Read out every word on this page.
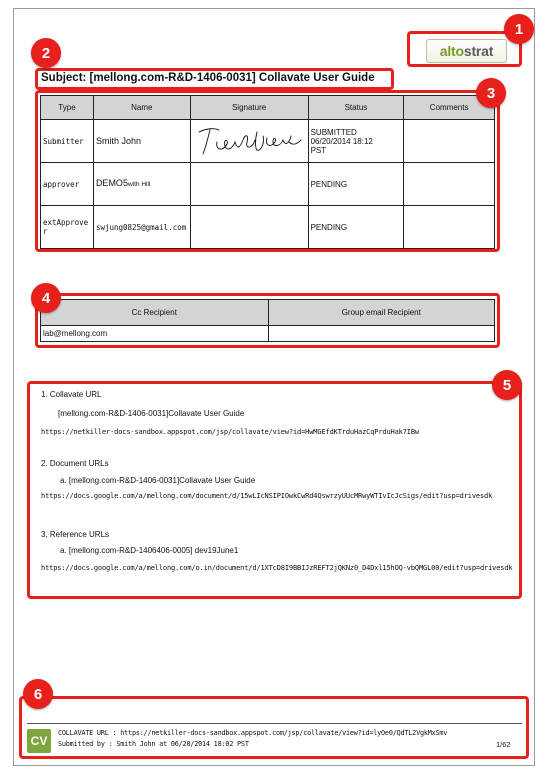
alto strat
Subject: [mellong.com-R&D-1406-0031] Collavate User Guide
Type	Name	Signature	Status	Comments
Submitter	Smith John		SUBMITTED
06/20/2014 18:12
PST	
approver	DEMO5with Hill		PENDING	
extApprover	swjung0825@gmail.com		PENDING	
Cc Recipient	Group email Recipient
lab@mellong.com	
1. Collavate URL
[mellong.com-R&D-1406-0031]Collavate User Guide
https://netkiller-docs-sandbox.appspot.com/jsp/collavate/view?id=HwMGEfdKTrduHazCqPrduHak7IBw
2. Document URLs
a. [mellong.com-R&D-1406-0031]Collavate User Guide
https://docs.google.com/a/mellong.com/document/d/15wLIcNSIPIOwkCwRd4QswrzyUUcMRwyWTIvIcJcSigs/edit?usp=drivesdk
3. Reference URLs
a. [mellong.com-R&D-1406406-0005] dev19June1
https://docs.google.com/a/mellong.com/o.in/document/d/1XTcD8I9BBIJzREFT2jQKNz0_D4Dxl15hOQ-vbQMGL00/edit?usp=drivesdk
CV
COLLAVATE URL : https://netkiller-docs-sandbox.appspot.com/jsp/collavate/view?id=lyOe0/QdTL2VgkMxSmv
Submitted by : Smith John at 06/20/2014 18:02 PST	1/62
1
2
3
4
5
6
